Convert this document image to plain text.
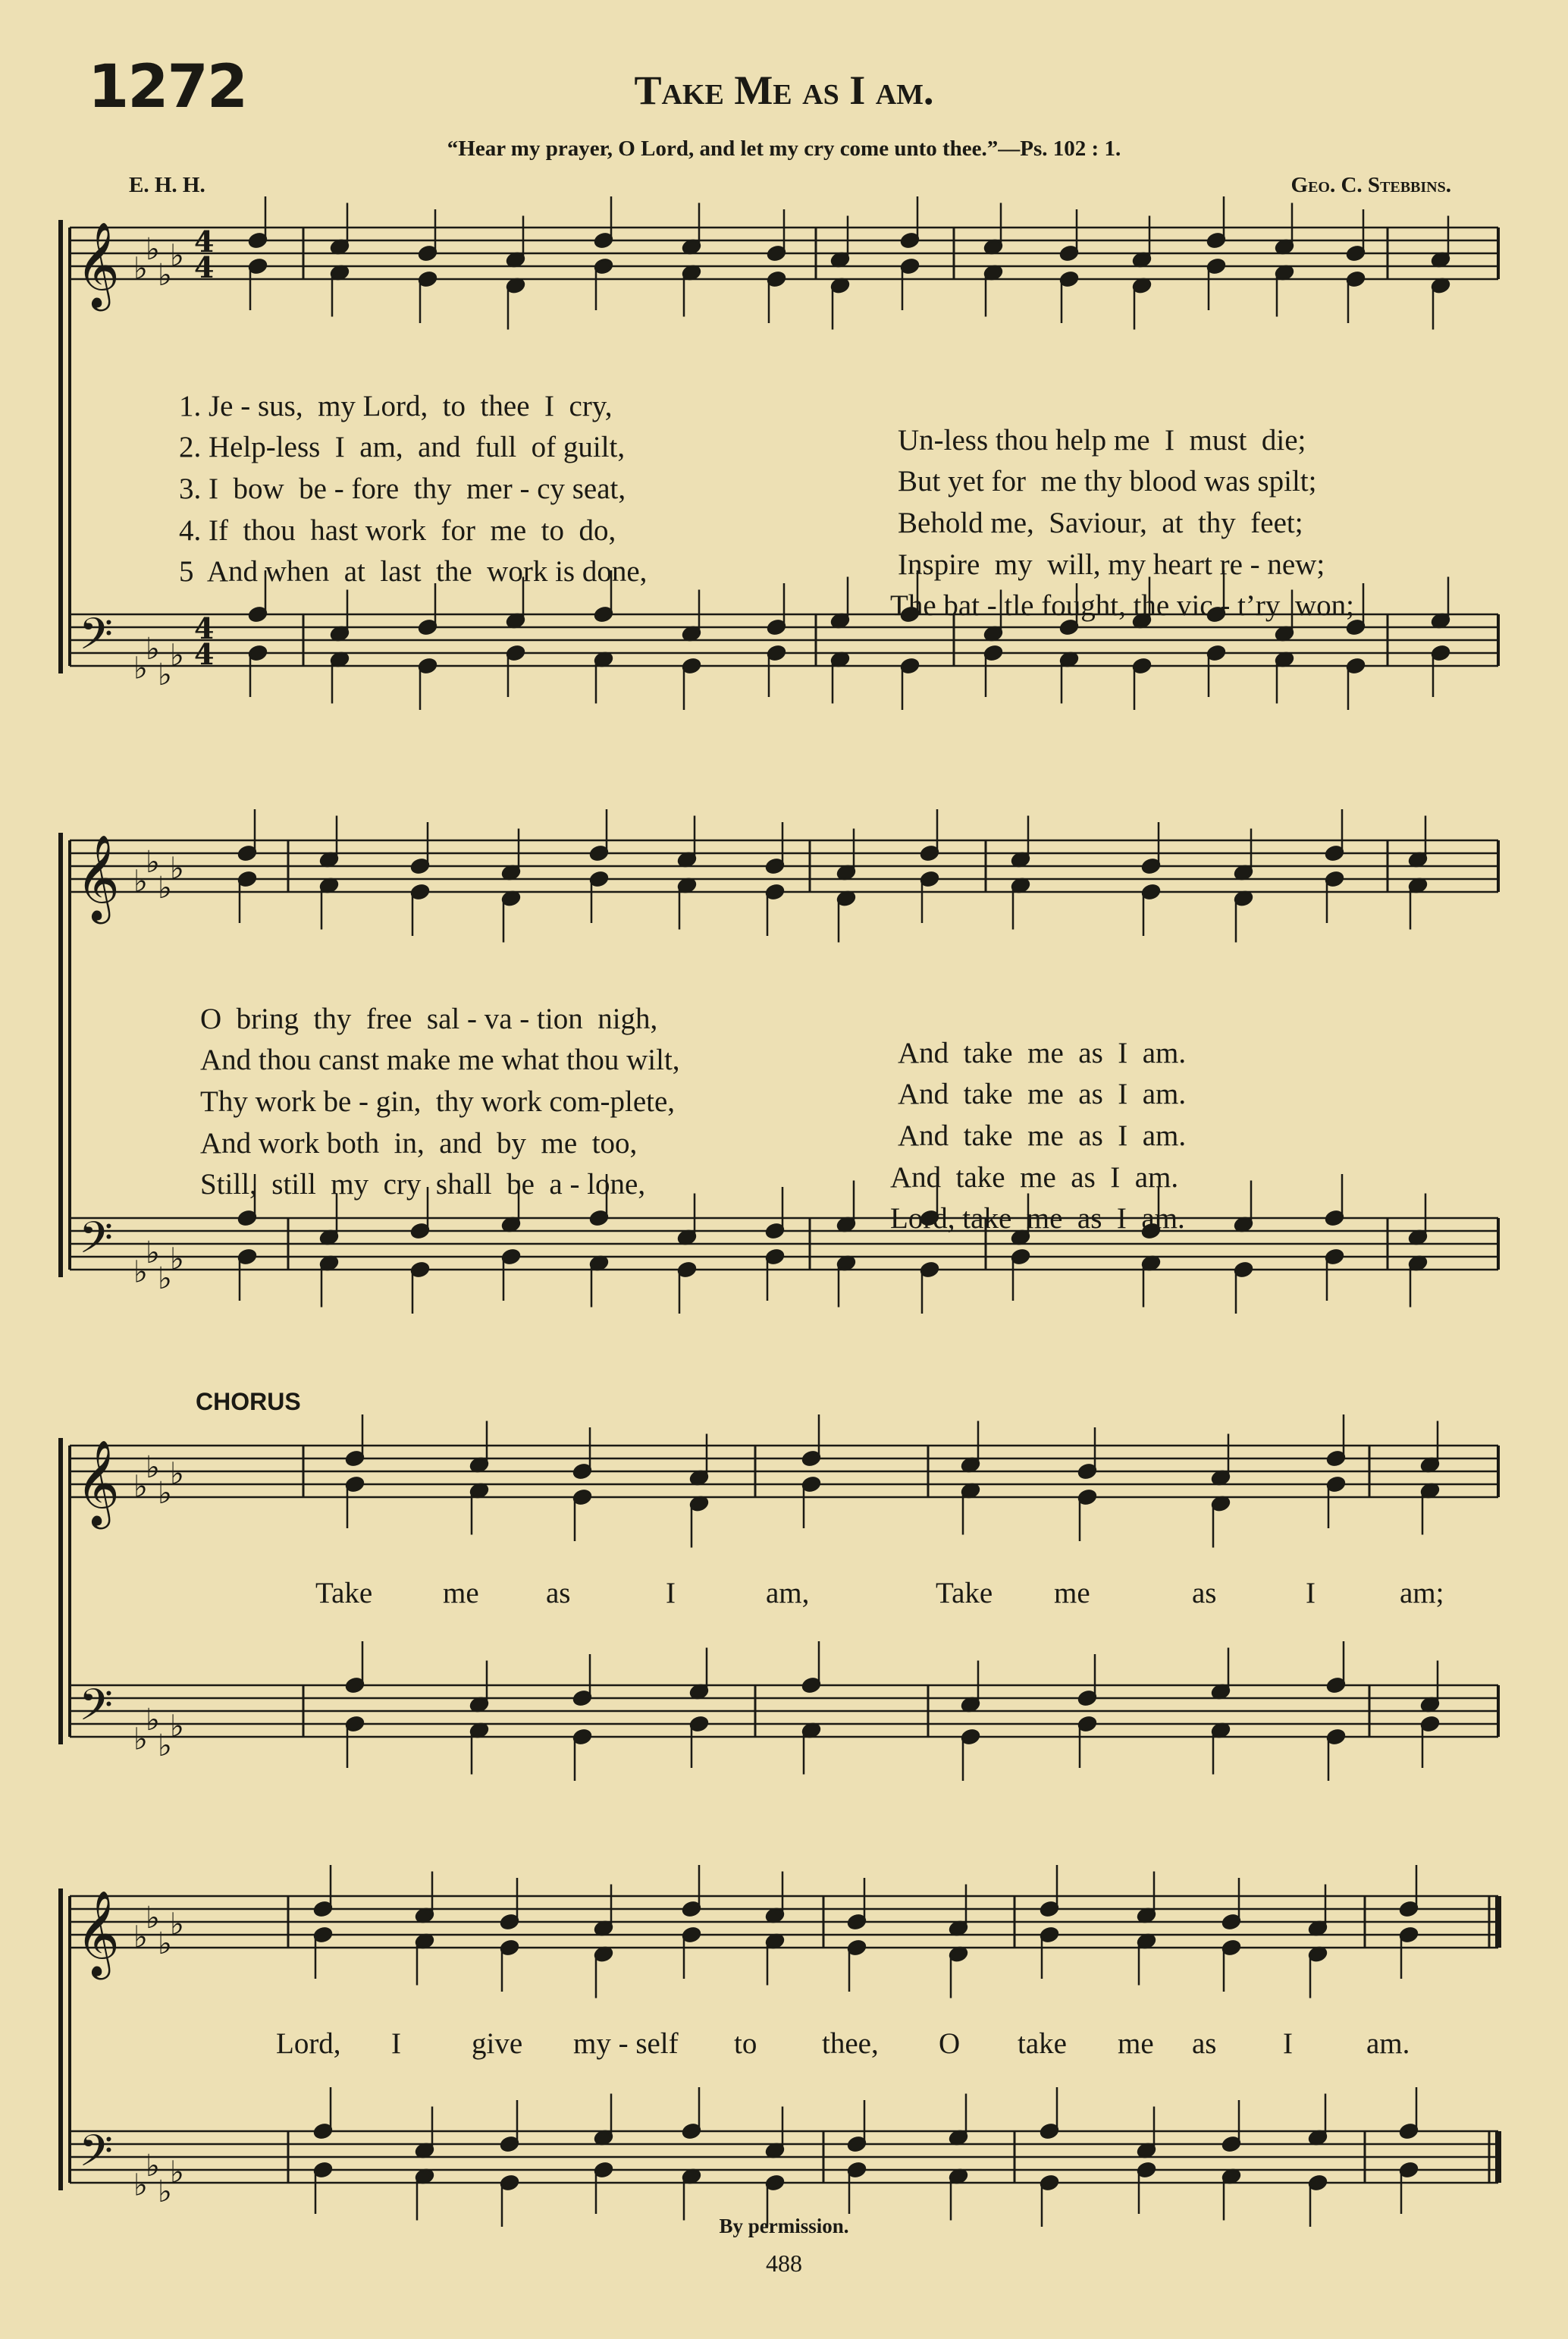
1272	Take Me as I am.
“Hear my prayer, O Lord, and let my cry come unto thee.”—Ps. 102 : 1.
E. H. H.	Geo. C. Stebbins.
𝄞
𝄢
♭
♭
♭
♭
♭
♭
♭
♭
4
4
4
4
𝄞
𝄢
♭
♭
♭
♭
♭
♭
♭
♭
𝄞
𝄢
♭
♭
♭
♭
♭
♭
♭
♭
𝄞
𝄢
♭
♭
♭
♭
♭
♭
♭
♭

1. Je - sus,  my Lord,  to  thee  I  cry,

Un-less thou help me  I  must  die;

2. Help-less  I  am,  and  full  of guilt,

But yet for  me thy blood was spilt;

3. I  bow  be - fore  thy  mer - cy seat,

Behold me,  Saviour,  at  thy  feet;

4. If  thou  hast work  for  me  to  do,

Inspire  my  will, my heart re - new;

5  And when  at  last  the  work is done,

The bat - tle fought, the vic - t’ry  won;

O  bring  thy  free  sal - va - tion  nigh,

And  take  me  as  I  am.

And thou canst make me what thou wilt,

And  take  me  as  I  am.

Thy work be - gin,  thy work com-plete,

And  take  me  as  I  am.

And work both  in,  and  by  me  too,

And  take  me  as  I  am.

Still,  still  my  cry  shall  be  a - lone,

Lord, take  me  as  I  am.

CHORUS
Take me as	I	am,	Take me	as	I	am;
Lord, I give my - self to thee, O take me as I am.
By permission.
488
